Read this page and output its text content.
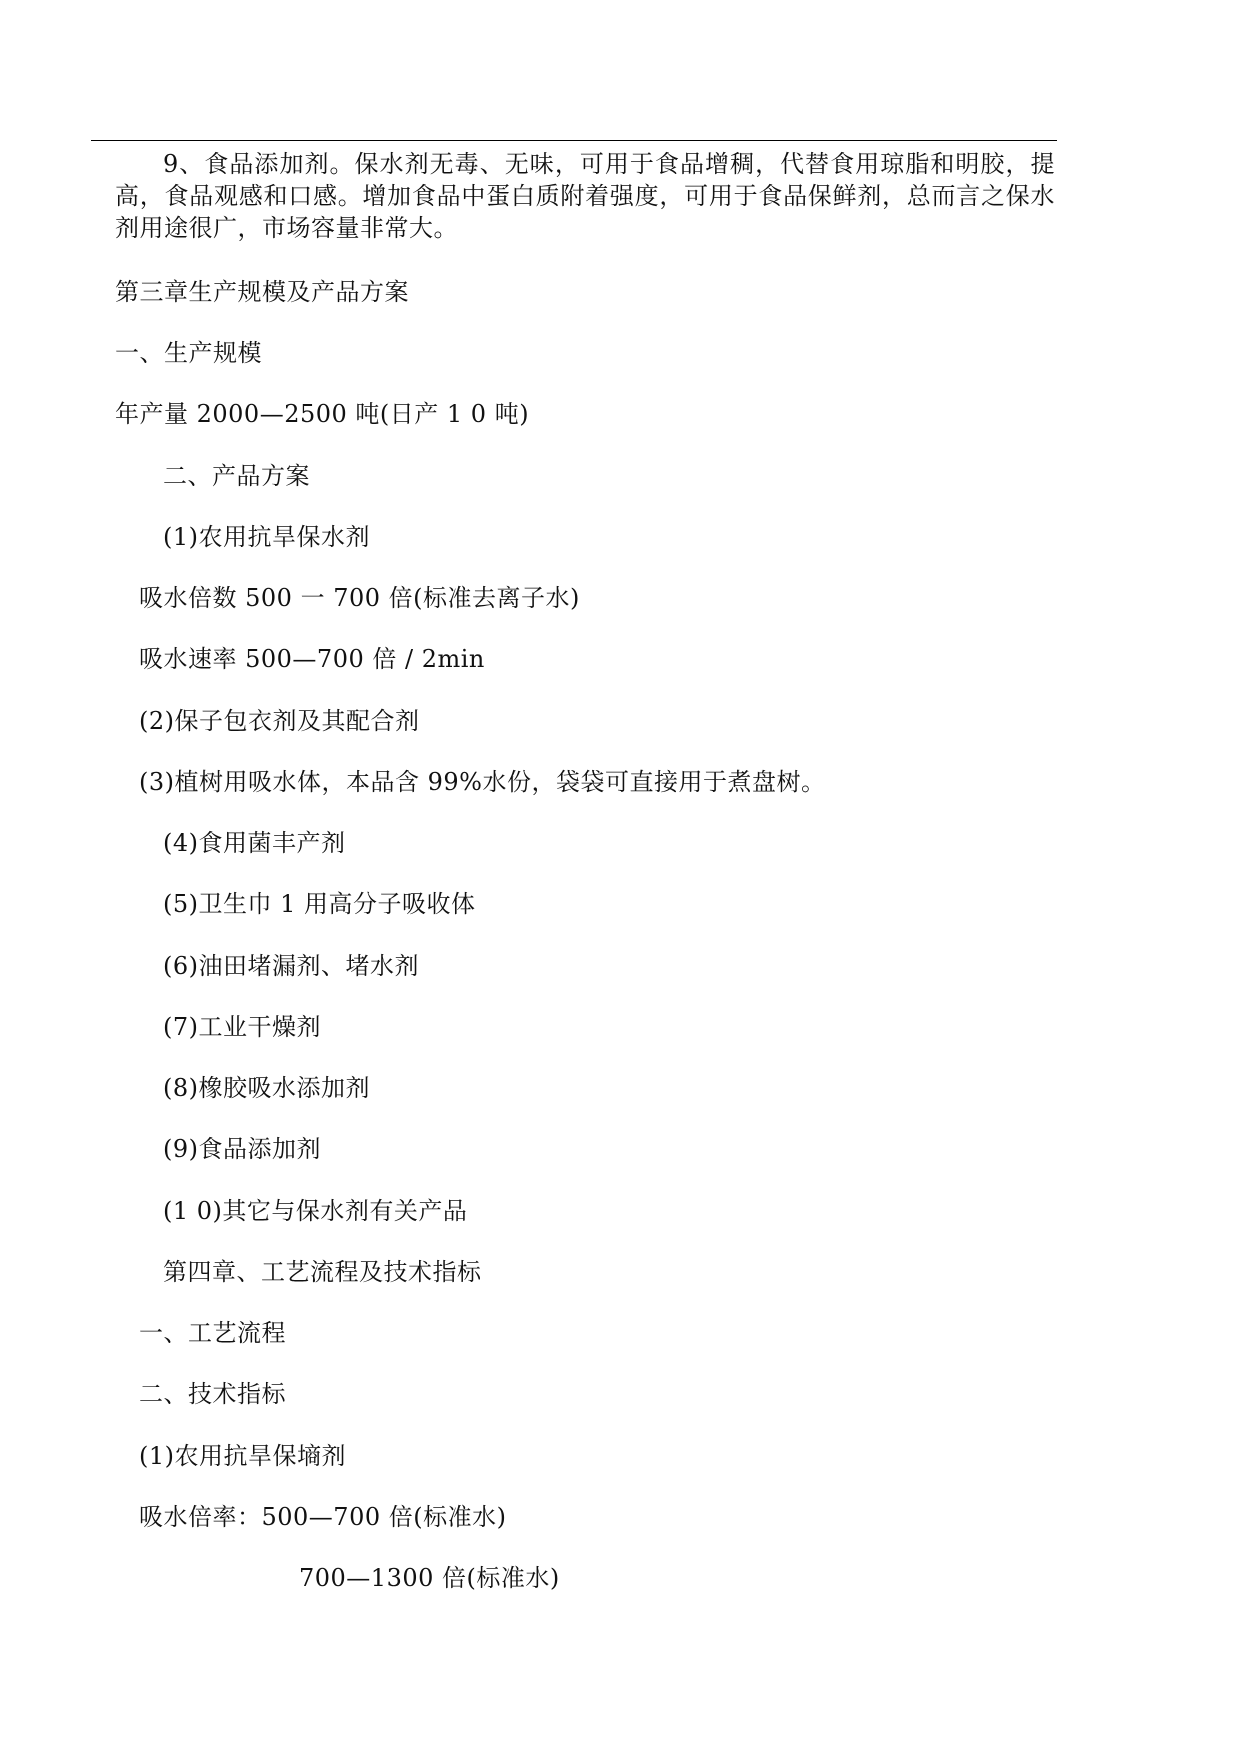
9、食品添加剂。保水剂无毒、无味，可用于食品增稠，代替食用琼脂和明胶，提高，食品观感和口感。增加食品中蛋白质附着强度，可用于食品保鲜剂，总而言之保水剂用途很广，市场容量非常大。

第三章生产规模及产品方案

一、生产规模

年产量 2000—2500 吨(日产 1 0 吨)

二、产品方案

(1)农用抗旱保水剂

吸水倍数 500 一 700 倍(标准去离子水)

吸水速率 500—700 倍 / 2min

(2)保子包衣剂及其配合剂

(3)植树用吸水体，本品含 99%水份，袋袋可直接用于煮盘树。

(4)食用菌丰产剂

(5)卫生巾 1 用高分子吸收体

(6)油田堵漏剂、堵水剂

(7)工业干燥剂

(8)橡胶吸水添加剂

(9)食品添加剂

(1 0)其它与保水剂有关产品

第四章、工艺流程及技术指标

一、工艺流程

二、技术指标

(1)农用抗旱保墒剂

吸水倍率：500—700 倍(标准水)

700—1300 倍(标准水)
